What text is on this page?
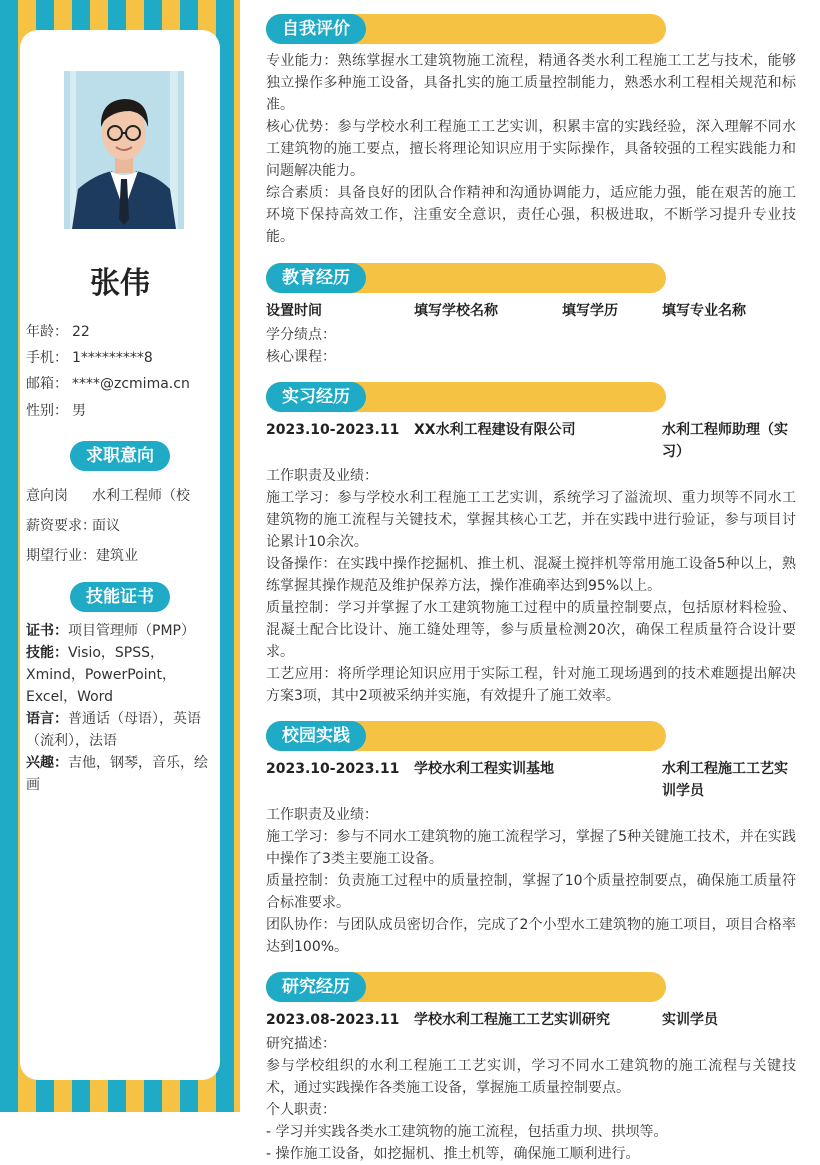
张伟
年龄： 22
手机： 1*********8
邮箱： ****@zcmima.cn
性别： 男
求职意向
意向岗 水利工程师（校
薪资要求：面议
期望行业：建筑业
技能证书
证书：项目管理师（PMP）
技能：Visio，SPSS，Xmind，PowerPoint，Excel，Word
语言：普通话（母语），英语（流利），法语
兴趣：吉他，钢琴，音乐，绘画
自我评价

专业能力：熟练掌握水工建筑物施工流程，精通各类水利工程施工工艺与技术，能够独立操作多种施工设备，具备扎实的施工质量控制能力，熟悉水利工程相关规范和标准。

核心优势：参与学校水利工程施工工艺实训，积累丰富的实践经验，深入理解不同水工建筑物的施工要点，擅长将理论知识应用于实际操作，具备较强的工程实践能力和问题解决能力。

综合素质：具备良好的团队合作精神和沟通协调能力，适应能力强，能在艰苦的施工环境下保持高效工作，注重安全意识，责任心强，积极进取，不断学习提升专业技能。

教育经历
设置时间	填写学校名称	填写学历	填写专业名称

学分绩点：

核心课程：

实习经历
2023.10-2023.11 XX水利工程建设有限公司	水利工程师助理（实习）

工作职责及业绩：

施工学习：参与学校水利工程施工工艺实训，系统学习了溢流坝、重力坝等不同水工建筑物的施工流程与关键技术，掌握其核心工艺，并在实践中进行验证，参与项目讨论累计10余次。

设备操作：在实践中操作挖掘机、推土机、混凝土搅拌机等常用施工设备5种以上，熟练掌握其操作规范及维护保养方法，操作准确率达到95%以上。

质量控制：学习并掌握了水工建筑物施工过程中的质量控制要点，包括原材料检验、混凝土配合比设计、施工缝处理等，参与质量检测20次，确保工程质量符合设计要求。

工艺应用：将所学理论知识应用于实际工程，针对施工现场遇到的技术难题提出解决方案3项，其中2项被采纳并实施，有效提升了施工效率。

校园实践
2023.10-2023.11 学校水利工程实训基地	水利工程施工工艺实训学员

工作职责及业绩：

施工学习：参与不同水工建筑物的施工流程学习，掌握了5种关键施工技术，并在实践中操作了3类主要施工设备。

质量控制：负责施工过程中的质量控制，掌握了10个质量控制要点，确保施工质量符合标准要求。

团队协作：与团队成员密切合作，完成了2个小型水工建筑物的施工项目，项目合格率达到100%。

研究经历
2023.08-2023.11 学校水利工程施工工艺实训研究	实训学员

研究描述：

参与学校组织的水利工程施工工艺实训，学习不同水工建筑物的施工流程与关键技术，通过实践操作各类施工设备，掌握施工质量控制要点。

个人职责：

- 学习并实践各类水工建筑物的施工流程，包括重力坝、拱坝等。

- 操作施工设备，如挖掘机、推土机等，确保施工顺利进行。
